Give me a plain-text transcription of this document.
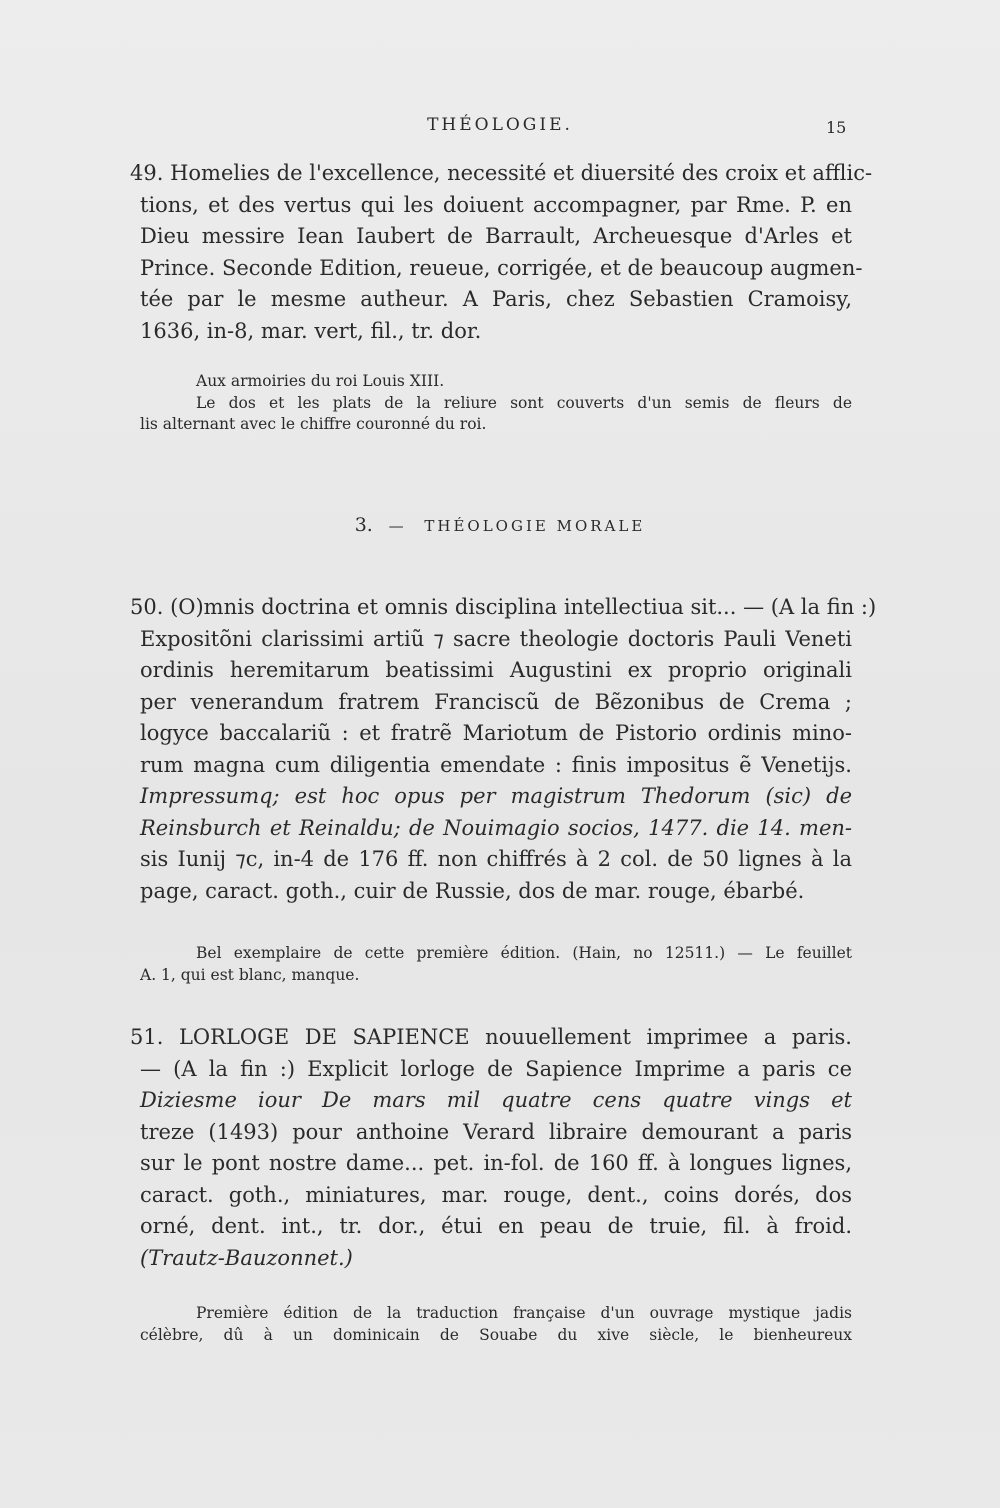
THÉOLOGIE.	15

49. Homelies de l'excellence, necessité et diuersité des croix et afflic-
tions, et des vertus qui les doiuent accompagner, par Rme. P. en
Dieu messire Iean Iaubert de Barrault, Archeuesque d'Arles et
Prince. Seconde Edition, reueue, corrigée, et de beaucoup augmen-
tée par le mesme autheur. A Paris, chez Sebastien Cramoisy,
1636, in-8, mar. vert, fil., tr. dor.

Aux armoiries du roi Louis XIII.
Le dos et les plats de la reliure sont couverts d'un semis de fleurs de
lis alternant avec le chiffre couronné du roi.
3. — THÉOLOGIE MORALE

50. (O)mnis doctrina et omnis disciplina intellectiua sit... — (A la fin :)
Expositõni clarissimi artiũ ⁊ sacre theologie doctoris Pauli Veneti
ordinis heremitarum beatissimi Augustini ex proprio originali
per venerandum fratrem Franciscũ de Bẽzonibus de Crema ;
logyce baccalariũ : et fratrẽ Mariotum de Pistorio ordinis mino-
rum magna cum diligentia emendate : finis impositus ẽ Venetijs.
Impressumq; est hoc opus per magistrum Thedorum (sic) de
Reinsburch et Reinaldu; de Nouimagio socios, 1477. die 14. men-
sis Iunij ⁊c, in-4 de 176 ff. non chiffrés à 2 col. de 50 lignes à la
page, caract. goth., cuir de Russie, dos de mar. rouge, ébarbé.

Bel exemplaire de cette première édition. (Hain, no 12511.) — Le feuillet
A. 1, qui est blanc, manque.

51. LORLOGE DE SAPIENCE nouuellement imprimee a paris.
— (A la fin :) Explicit lorloge de Sapience Imprime a paris ce
Diziesme iour De mars mil quatre cens quatre vings et
treze (1493) pour anthoine Verard libraire demourant a paris
sur le pont nostre dame... pet. in-fol. de 160 ff. à longues lignes,
caract. goth., miniatures, mar. rouge, dent., coins dorés, dos
orné, dent. int., tr. dor., étui en peau de truie, fil. à froid.
(Trautz-Bauzonnet.)

Première édition de la traduction française d'un ouvrage mystique jadis
célèbre, dû à un dominicain de Souabe du xive siècle, le bienheureux
